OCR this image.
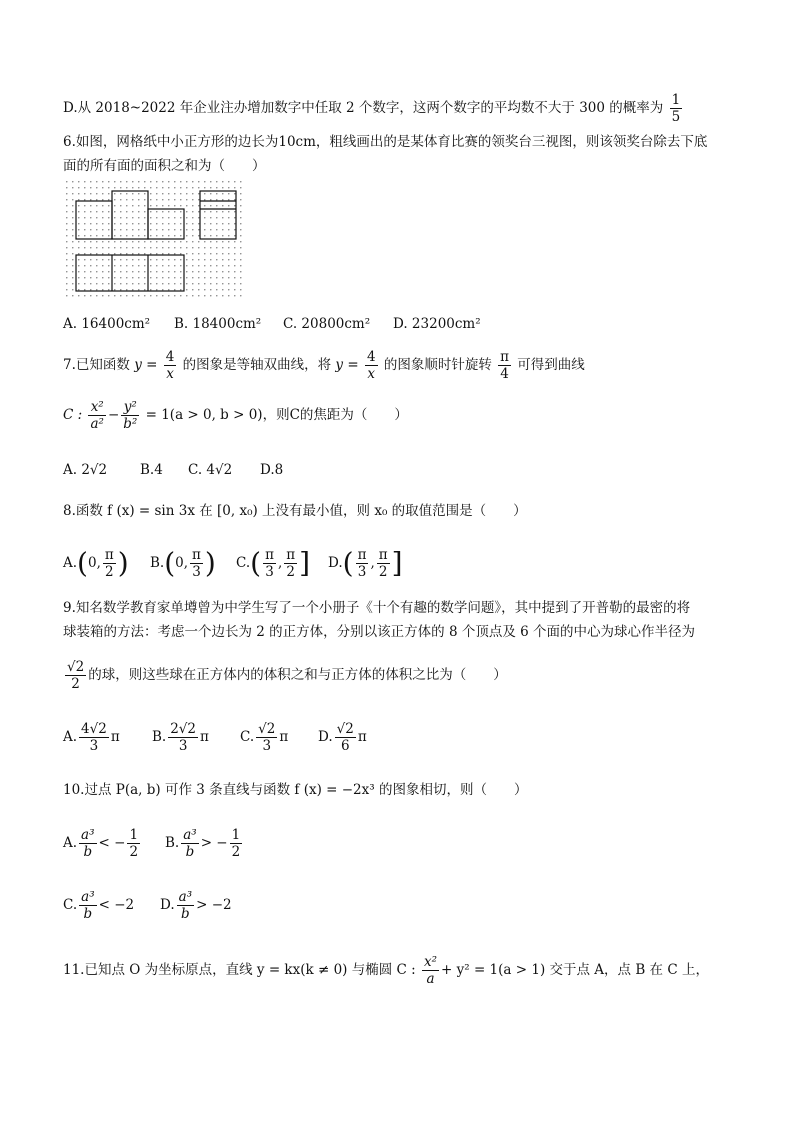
D.从 2018~2022 年企业注办增加数字中任取 2 个数字，这两个数字的平均数不大于 300 的概率为 $\frac{1}{5}$
6.如图，网格纸中小正方形的边长为10cm，粗线画出的是某体育比赛的领奖台三视图，则该领奖台除去下底
面的所有面的面积之和为（　　）
A. 16400cm² B. 18400cm² C. 20800cm² D. 23200cm²
7.已知函数 $y = \frac{4}{x}$ 的图象是等轴双曲线，将 $y = \frac{4}{x}$ 的图象顺时针旋转 $\frac{\pi}{4}$ 可得到曲线
C : $\frac{\text{x²}}{\text{a²}} - \frac{\text{y²}}{\text{b²}} = 1(a > 0$, b > 0)，则C的焦距为（　　）
A. 2√2 B.4 C. 4√2 D.8
8.函数 f (x) = sin 3x 在 [0, x₀) 上没有最小值，则 x₀ 的取值范围是（　　）
A.(0, $\frac{\pi}{2}$ ) B.(0, $\frac{\pi}{3}$ ) $C.( \frac{\pi}{3}$ , $\frac{\pi}{2}$ ] $D.( \frac{\pi}{3}$ , $\frac{\pi}{2}$ ]
9.知名数学教育家单墫曾为中学生写了一个小册子《十个有趣的数学问题》，其中提到了开普勒的最密的将
球装箱的方法：考虑一个边长为 2 的正方体，分别以该正方体的 8 个顶点及 6 个面的中心为球心作半径为
$\frac{√2}{2}$ 的球，则这些球在正方体内的体积之和与正方体的体积之比为（　　）
A. $\frac{4√2}{3}$ π B. $\frac{2√2}{3}$ π C. $\frac{√2}{3}$ π D. $\frac{√2}{6}$ π
10.过点 P(a, b) 可作 3 条直线与函数 f (x) = −2x³ 的图象相切，则（　　）
A. $\frac{\text{a³}}{b}$ < − $\frac{1}{2} B$. $\frac{\text{a³}}{b}$ > − $\frac{1}{2}$
C. $\frac{\text{a³}}{b} < -2$ D. $\frac{\text{a³}}{b} > -2$
11.已知点 O 为坐标原点，直线 y = kx(k ≠ 0) 与椭圆 C : $\frac{\text{x²}}{a} + y^2 = 1(a > 1)$ 交于点 A，点 B 在 C 上，
